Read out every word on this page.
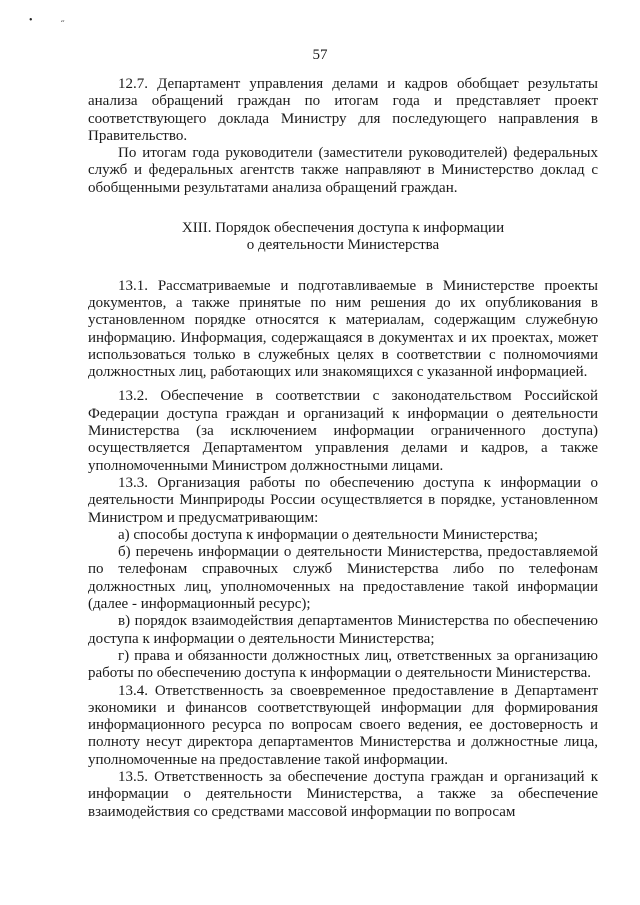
•	˶
57

12.7. Департамент управления делами и кадров обобщает результаты анализа обращений граждан по итогам года и представляет проект соответствующего доклада Министру для последующего направления в Правительство.

По итогам года руководители (заместители руководителей) федеральных служб и федеральных агентств также направляют в Министерство доклад с обобщенными результатами анализа обращений граждан.

XIII. Порядок обеспечения доступа к информации
о деятельности Министерства

13.1. Рассматриваемые и подготавливаемые в Министерстве проекты документов, а также принятые по ним решения до их опубликования в установленном порядке относятся к материалам, содержащим служебную информацию. Информация, содержащаяся в документах и их проектах, может использоваться только в служебных целях в соответствии с полномочиями должностных лиц, работающих или знакомящихся с указанной информацией.

13.2. Обеспечение в соответствии с законодательством Российской Федерации доступа граждан и организаций к информации о деятельности Министерства (за исключением информации ограниченного доступа) осуществляется Департаментом управления делами и кадров, а также уполномоченными Министром должностными лицами.

13.3. Организация работы по обеспечению доступа к информации о деятельности Минприроды России осуществляется в порядке, установленном Министром и предусматривающим:

а) способы доступа к информации о деятельности Министерства;

б) перечень информации о деятельности Министерства, предоставляемой по телефонам справочных служб Министерства либо по телефонам должностных лиц, уполномоченных на предоставление такой информации (далее - информационный ресурс);

в) порядок взаимодействия департаментов Министерства по обеспечению доступа к информации о деятельности Министерства;

г) права и обязанности должностных лиц, ответственных за организацию работы по обеспечению доступа к информации о деятельности Министерства.

13.4. Ответственность за своевременное предоставление в Департамент экономики и финансов соответствующей информации для формирования информационного ресурса по вопросам своего ведения, ее достоверность и полноту несут директора департаментов Министерства и должностные лица, уполномоченные на предоставление такой информации.

13.5. Ответственность за обеспечение доступа граждан и организаций к информации о деятельности Министерства, а также за обеспечение взаимодействия со средствами массовой информации по вопросам
